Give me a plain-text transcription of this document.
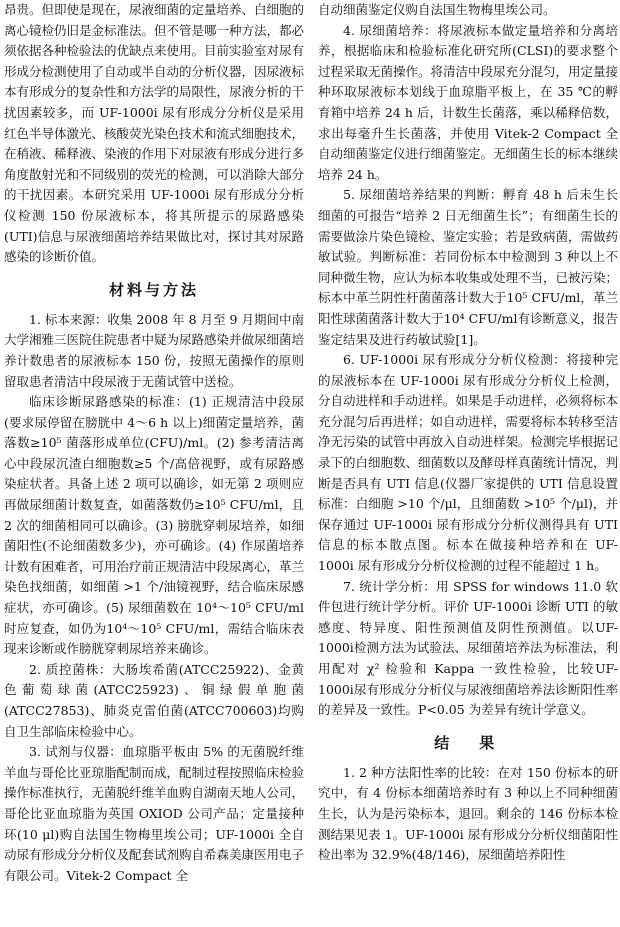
昂贵。但即使是现在，尿液细菌的定量培养、白细胞的离心镜检仍旧是金标准法。但不管是哪一种方法，都必须依据各种检验法的优缺点来使用。目前实验室对尿有形成分检测使用了自动或半自动的分析仪器，因尿液标本有形成分的复杂性和方法学的局限性，尿液分析的干扰因素较多，而 UF-1000i 尿有形成分分析仪是采用红色半导体激光、核酸荧光染色技术和流式细胞技术，在稍液、稀释液、染液的作用下对尿液有形成分进行多角度散射光和不同级别的荧光的检测，可以消除大部分的干扰因素。本研究采用 UF-1000i 尿有形成分分析仪检测 150 份尿液标本，将其所提示的尿路感染(UTI)信息与尿液细菌培养结果做比对，探讨其对尿路感染的诊断价值。

材料与方法

1. 标本来源：收集 2008 年 8 月至 9 月期间中南大学湘雅三医院住院患者中疑为尿路感染并做尿细菌培养计数患者的尿液标本 150 份，按照无菌操作的原则留取患者清洁中段尿液于无菌试管中送检。

临床诊断尿路感染的标准：(1) 正规清洁中段尿(要求尿停留在膀胱中 4～6 h 以上)细菌定量培养，菌落数≥10⁵ 菌落形成单位(CFU)/ml。(2) 参考清洁离心中段尿沉渣白细胞数≥5 个/高倍视野，或有尿路感染症状者。具备上述 2 项可以确诊，如无第 2 项则应再做尿细菌计数复查，如菌落数仍≥10⁵ CFU/ml，且 2 次的细菌相同可以确诊。(3) 膀胱穿刺尿培养，如细菌阳性(不论细菌数多少)，亦可确诊。(4) 作尿菌培养计数有困难者，可用治疗前正规清洁中段尿离心，革兰染色找细菌，如细菌 >1 个/油镜视野，结合临床尿感症状，亦可确诊。(5) 尿细菌数在 10⁴～10⁵ CFU/ml 时应复查，如仍为10⁴～10⁵ CFU/ml，需结合临床表现来诊断或作膀胱穿刺尿培养来确诊。

2. 质控菌株：大肠埃希菌(ATCC25922)、金黄色葡萄球菌(ATCC25923)、铜绿假单胞菌(ATCC27853)、肺炎克雷伯菌(ATCC700603)均购自卫生部临床检验中心。

3. 试剂与仪器：血琼脂平板由 5% 的无菌脱纤维羊血与哥伦比亚琼脂配制而成，配制过程按照临床检验操作标准执行，无菌脱纤维羊血购自湖南天地人公司，哥伦比亚血琼脂为英国 OXIOD 公司产品；定量接种环(10 μl)购自法国生物梅里埃公司；UF-1000i 全自动尿有形成分分析仪及配套试剂购自希森美康医用电子有限公司。Vitek-2 Compact 全

自动细菌鉴定仪购自法国生物梅里埃公司。

4. 尿细菌培养：将尿液标本做定量培养和分离培养，根据临床和检验标准化研究所(CLSI)的要求整个过程采取无菌操作。将清洁中段尿充分混匀，用定量接种环取尿液标本划线于血琼脂平板上，在 35 ℃的孵育箱中培养 24 h 后，计数生长菌落，乘以稀释倍数，求出每毫升生长菌落，并使用 Vitek-2 Compact 全自动细菌鉴定仪进行细菌鉴定。无细菌生长的标本继续培养 24 h。

5. 尿细菌培养结果的判断：孵育 48 h 后未生长细菌的可报告“培养 2 日无细菌生长”；有细菌生长的需要做涂片染色镜检、鉴定实验；若是致病菌，需做药敏试验。判断标准：若同份标本中检测到 3 种以上不同种微生物，应认为标本收集或处理不当，已被污染；标本中革兰阴性杆菌菌落计数大于10⁵ CFU/ml，革兰阳性球菌菌落计数大于10⁴ CFU/ml有诊断意义，报告鉴定结果及进行药敏试验[1]。

6. UF-1000i 尿有形成分分析仪检测：将接种完的尿液标本在 UF-1000i 尿有形成分分析仪上检测，分自动进样和手动进样。如果是手动进样，必须将标本充分混匀后再进样；如自动进样，需要将标本转移至洁净无污染的试管中再放入自动进样架。检测完毕根据记录下的白细胞数、细菌数以及酵母样真菌统计情况，判断是否具有 UTI 信息(仪器厂家提供的 UTI 信息设置标准：白细胞 >10 个/μl，且细菌数 >10⁵ 个/μl)，并保存通过 UF-1000i 尿有形成分分析仪测得具有 UTI 信息的标本散点图。标本在做接种培养和在 UF-1000i 尿有形成分分析仪检测的过程不能超过 1 h。

7. 统计学分析：用 SPSS for windows 11.0 软件包进行统计学分析。评价 UF-1000i 诊断 UTI 的敏感度、特异度、阳性预测值及阴性预测值。以UF-1000i检测方法为试验法、尿细菌培养法为标准法，利用配对 χ² 检验和 Kappa 一致性检验，比较UF-1000i尿有形成分分析仪与尿液细菌培养法诊断阳性率的差异及一致性。P<0.05 为差异有统计学意义。

结　果

1. 2 种方法阳性率的比较：在对 150 份标本的研究中，有 4 份标本细菌培养时有 3 种以上不同种细菌生长，认为是污染标本，退回。剩余的 146 份标本检测结果见表 1。UF-1000i 尿有形成分分析仪细菌阳性检出率为 32.9%(48/146)，尿细菌培养阳性
